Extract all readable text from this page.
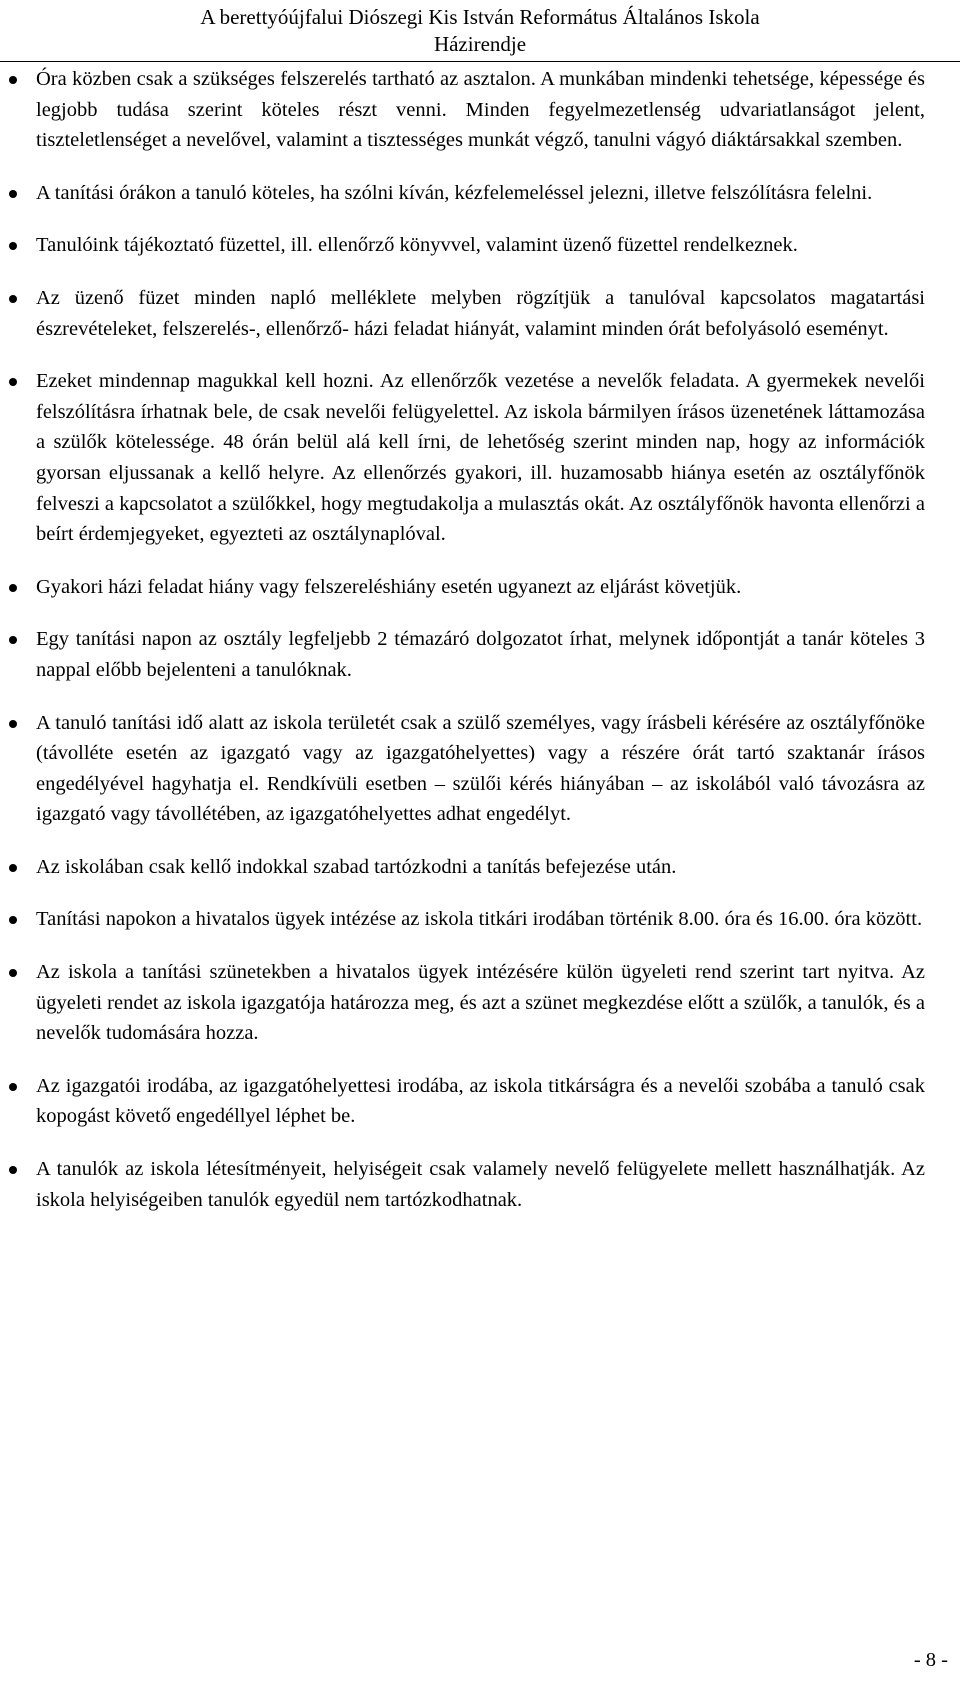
A berettyóújfalui Diószegi Kis István Református Általános Iskola
Házirendje
Óra közben csak a szükséges felszerelés tartható az asztalon. A munkában mindenki tehetsége, képessége és legjobb tudása szerint köteles részt venni. Minden fegyelmezetlenség udvariatlanságot jelent, tiszteletlenséget a nevelővel, valamint a tisztességes munkát végző, tanulni vágyó diáktársakkal szemben.
A tanítási órákon a tanuló köteles, ha szólni kíván, kézfelemeléssel jelezni, illetve felszólításra felelni.
Tanulóink tájékoztató füzettel, ill. ellenőrző könyvvel, valamint üzenő füzettel rendelkeznek.
Az üzenő füzet minden napló melléklete melyben rögzítjük a tanulóval kapcsolatos magatartási észrevételeket, felszerelés-, ellenőrző- házi feladat hiányát, valamint minden órát befolyásoló eseményt.
Ezeket mindennap magukkal kell hozni. Az ellenőrzők vezetése a nevelők feladata. A gyermekek nevelői felszólításra írhatnak bele, de csak nevelői felügyelettel. Az iskola bármilyen írásos üzenetének láttamozása a szülők kötelessége. 48 órán belül alá kell írni, de lehetőség szerint minden nap, hogy az információk gyorsan eljussanak a kellő helyre. Az ellenőrzés gyakori, ill. huzamosabb hiánya esetén az osztályfőnök felveszi a kapcsolatot a szülőkkel, hogy megtudakolja a mulasztás okát. Az osztályfőnök havonta ellenőrzi a beírt érdemjegyeket, egyezteti az osztálynaplóval.
Gyakori házi feladat hiány vagy felszereléshiány esetén ugyanezt az eljárást követjük.
Egy tanítási napon az osztály legfeljebb 2 témazáró dolgozatot írhat, melynek időpontját a tanár köteles 3 nappal előbb bejelenteni a tanulóknak.
A tanuló tanítási idő alatt az iskola területét csak a szülő személyes, vagy írásbeli kérésére az osztályfőnöke (távolléte esetén az igazgató vagy az igazgatóhelyettes) vagy a részére órát tartó szaktanár írásos engedélyével hagyhatja el. Rendkívüli esetben – szülői kérés hiányában – az iskolából való távozásra az igazgató vagy távollétében, az igazgatóhelyettes adhat engedélyt.
Az iskolában csak kellő indokkal szabad tartózkodni a tanítás befejezése után.
Tanítási napokon a hivatalos ügyek intézése az iskola titkári irodában történik 8.00. óra és 16.00. óra között.
Az iskola a tanítási szünetekben a hivatalos ügyek intézésére külön ügyeleti rend szerint tart nyitva. Az ügyeleti rendet az iskola igazgatója határozza meg, és azt a szünet megkezdése előtt a szülők, a tanulók, és a nevelők tudomására hozza.
Az igazgatói irodába, az igazgatóhelyettesi irodába, az iskola titkárságra és a nevelői szobába a tanuló csak kopogást követő engedéllyel léphet be.
A tanulók az iskola létesítményeit, helyiségeit csak valamely nevelő felügyelete mellett használhatják. Az iskola helyiségeiben tanulók egyedül nem tartózkodhatnak.
- 8 -
